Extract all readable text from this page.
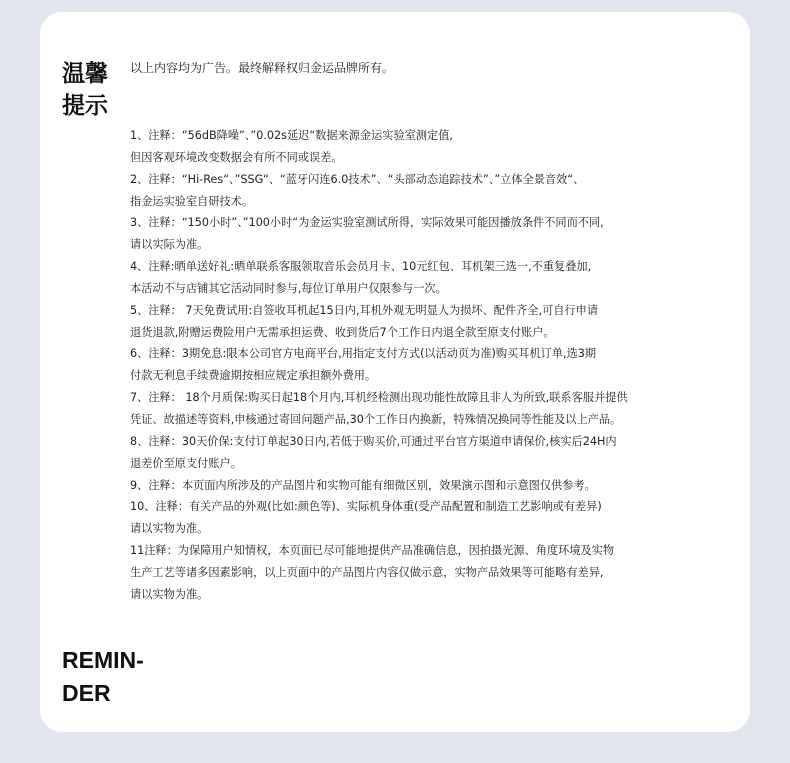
温馨
提示
以上内容均为广告。最终解释权归金运品牌所有。
1、注释：“56dB降噪”、”0.02s延迟“数据来源金运实验室测定值,
但因客观环境改变数据会有所不同或误差。
2、注释：“Hi-Res“、”SSG“、“蓝牙闪连6.0技术”、“头部动态追踪技术”、”立体全景音效“、
指金运实验室自研技术。
3、注释：“150小时”、”100小时“为金运实验室测试所得，实际效果可能因播放条件不同而不同,
请以实际为准。
4、注释:晒单送好礼:晒单联系客服领取音乐会员月卡、10元红包、耳机架三选一,不重复叠加,
本活动不与店铺其它活动同时参与,每位订单用户仅限参与一次。
5、注释： 7天免费试用:自签收耳机起15日内,耳机外观无明显人为损坏、配件齐全,可自行申请
退货退款,附赠运费险用户无需承担运费、收到货后7个工作日内退全款至原支付账户。
6、注释：3期免息:限本公司官方电商平台,用指定支付方式(以活动页为准)购买耳机订单,选3期
付款无利息手续费逾期按相应规定承担额外费用。
7、注释： 18个月质保:购买日起18个月内,耳机经检测出现功能性故障且非人为所致,联系客服并提供
凭证、故描述等资料,申核通过寄回问题产品,30个工作日内换新，特殊情况换同等性能及以上产品。
8、注释：30天价保:支付订单起30日内,若低于购买价,可通过平台官方渠道申请保价,核实后24H内
退差价至原支付账户。
9、注释：本页面内所涉及的产品图片和实物可能有细微区别，效果演示图和示意图仅供参考。
10、注释：有关产品的外观(比如:颜色等)、实际机身体重(受产品配置和制造工艺影响或有差异)
请以实物为准。
11注释：为保障用户知情权，本页面已尽可能地提供产品准确信息，因拍摄光源、角度环境及实物
生产工艺等诸多因素影响，以上页面中的产品图片内容仅做示意，实物产品效果等可能略有差异,
请以实物为准。
REMIN-
DER
